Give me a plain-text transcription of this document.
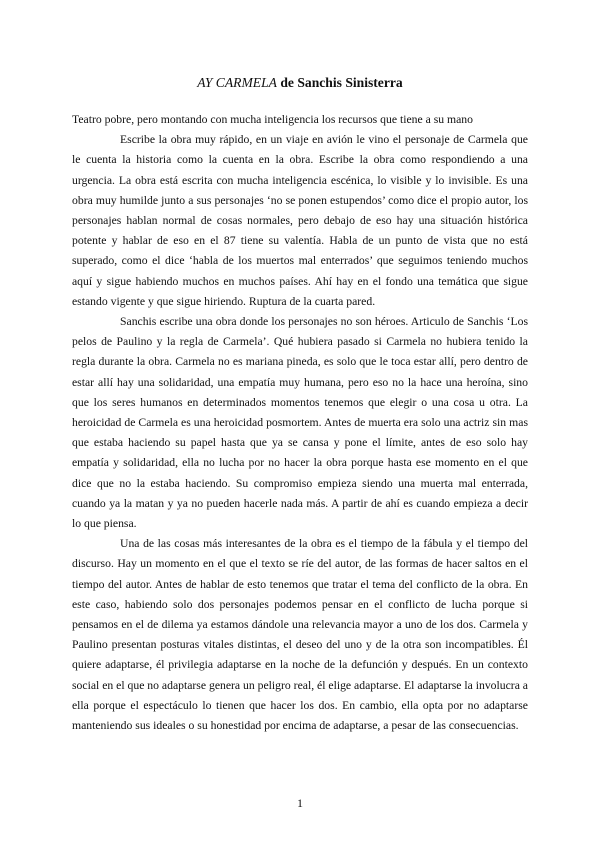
AY CARMELA de Sanchis Sinisterra

Teatro pobre, pero montando con mucha inteligencia los recursos que tiene a su mano

Escribe la obra muy rápido, en un viaje en avión le vino el personaje de Carmela que le cuenta la historia como la cuenta en la obra. Escribe la obra como respondiendo a una urgencia. La obra está escrita con mucha inteligencia escénica, lo visible y lo invisible. Es una obra muy humilde junto a sus personajes ‘no se ponen estupendos’ como dice el propio autor, los personajes hablan normal de cosas normales, pero debajo de eso hay una situación histórica potente y hablar de eso en el 87 tiene su valentía. Habla de un punto de vista que no está superado, como el dice ‘habla de los muertos mal enterrados’ que seguimos teniendo muchos aquí y sigue habiendo muchos en muchos países. Ahí hay en el fondo una temática que sigue estando vigente y que sigue hiriendo. Ruptura de la cuarta pared.

Sanchis escribe una obra donde los personajes no son héroes. Articulo de Sanchis ‘Los pelos de Paulino y la regla de Carmela’. Qué hubiera pasado si Carmela no hubiera tenido la regla durante la obra. Carmela no es mariana pineda, es solo que le toca estar allí, pero dentro de estar allí hay una solidaridad, una empatía muy humana, pero eso no la hace una heroína, sino que los seres humanos en determinados momentos tenemos que elegir o una cosa u otra. La heroicidad de Carmela es una heroicidad posmortem. Antes de muerta era solo una actriz sin mas que estaba haciendo su papel hasta que ya se cansa y pone el límite, antes de eso solo hay empatía y solidaridad, ella no lucha por no hacer la obra porque hasta ese momento en el que dice que no la estaba haciendo. Su compromiso empieza siendo una muerta mal enterrada, cuando ya la matan y ya no pueden hacerle nada más. A partir de ahí es cuando empieza a decir lo que piensa.

Una de las cosas más interesantes de la obra es el tiempo de la fábula y el tiempo del discurso. Hay un momento en el que el texto se ríe del autor, de las formas de hacer saltos en el tiempo del autor. Antes de hablar de esto tenemos que tratar el tema del conflicto de la obra. En este caso, habiendo solo dos personajes podemos pensar en el conflicto de lucha porque si pensamos en el de dilema ya estamos dándole una relevancia mayor a uno de los dos. Carmela y Paulino presentan posturas vitales distintas, el deseo del uno y de la otra son incompatibles. Él quiere adaptarse, él privilegia adaptarse en la noche de la defunción y después. En un contexto social en el que no adaptarse genera un peligro real, él elige adaptarse. El adaptarse la involucra a ella porque el espectáculo lo tienen que hacer los dos. En cambio, ella opta por no adaptarse manteniendo sus ideales o su honestidad por encima de adaptarse, a pesar de las consecuencias.

1
